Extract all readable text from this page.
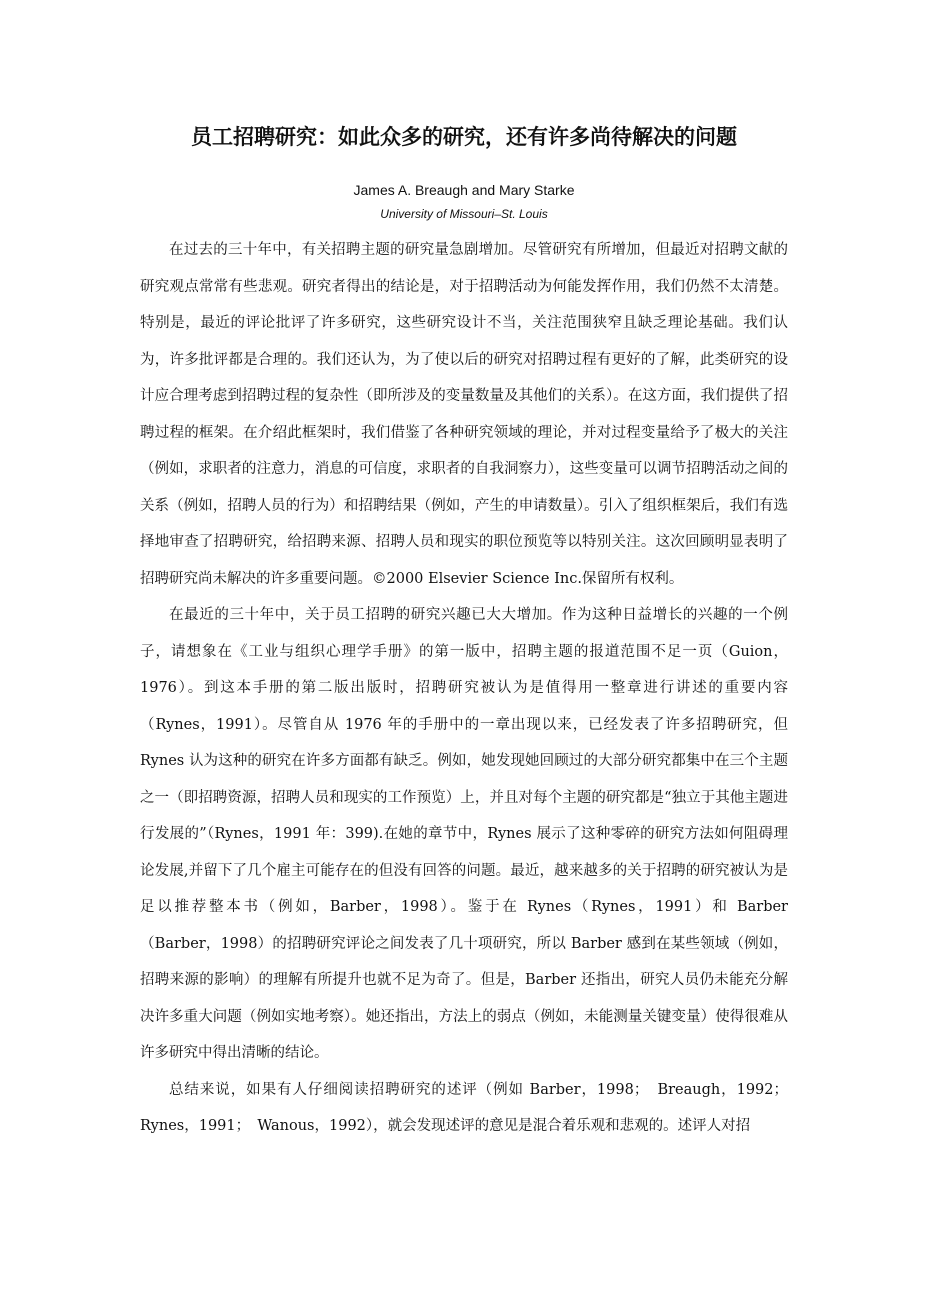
员工招聘研究：如此众多的研究，还有许多尚待解决的问题
James A. Breaugh and Mary Starke
University of Missouri–St. Louis

在过去的三十年中，有关招聘主题的研究量急剧增加。尽管研究有所增加，但最近对招聘文献的研究观点常常有些悲观。研究者得出的结论是，对于招聘活动为何能发挥作用，我们仍然不太清楚。特别是，最近的评论批评了许多研究，这些研究设计不当，关注范围狭窄且缺乏理论基础。我们认为，许多批评都是合理的。我们还认为，为了使以后的研究对招聘过程有更好的了解，此类研究的设计应合理考虑到招聘过程的复杂性（即所涉及的变量数量及其他们的关系）。在这方面，我们提供了招聘过程的框架。在介绍此框架时，我们借鉴了各种研究领域的理论，并对过程变量给予了极大的关注（例如，求职者的注意力，消息的可信度，求职者的自我洞察力），这些变量可以调节招聘活动之间的关系（例如，招聘人员的行为）和招聘结果（例如，产生的申请数量）。引入了组织框架后，我们有选择地审查了招聘研究，给招聘来源、招聘人员和现实的职位预览等以特别关注。这次回顾明显表明了招聘研究尚未解决的许多重要问题。©2000 Elsevier Science Inc.保留所有权利。

在最近的三十年中，关于员工招聘的研究兴趣已大大增加。作为这种日益增长的兴趣的一个例子，请想象在《工业与组织心理学手册》的第一版中，招聘主题的报道范围不足一页（Guion，1976）。到这本手册的第二版出版时，招聘研究被认为是值得用一整章进行讲述的重要内容（Rynes，1991）。尽管自从 1976 年的手册中的一章出现以来，已经发表了许多招聘研究，但 Rynes 认为这种的研究在许多方面都有缺乏。例如，她发现她回顾过的大部分研究都集中在三个主题之一（即招聘资源，招聘人员和现实的工作预览）上，并且对每个主题的研究都是“独立于其他主题进行发展的”（Rynes，1991 年：399).在她的章节中，Rynes 展示了这种零碎的研究方法如何阻碍理论发展,并留下了几个雇主可能存在的但没有回答的问题。最近，越来越多的关于招聘的研究被认为是足以推荐整本书（例如，Barber，1998）。鉴于在 Rynes（Rynes，1991）和 Barber（Barber，1998）的招聘研究评论之间发表了几十项研究，所以 Barber 感到在某些领域（例如，招聘来源的影响）的理解有所提升也就不足为奇了。但是，Barber 还指出，研究人员仍未能充分解决许多重大问题（例如实地考察）。她还指出，方法上的弱点（例如，未能测量关键变量）使得很难从许多研究中得出清晰的结论。

总结来说，如果有人仔细阅读招聘研究的述评（例如 Barber，1998；　Breaugh，1992；Rynes，1991；　Wanous，1992），就会发现述评的意见是混合着乐观和悲观的。述评人对招
